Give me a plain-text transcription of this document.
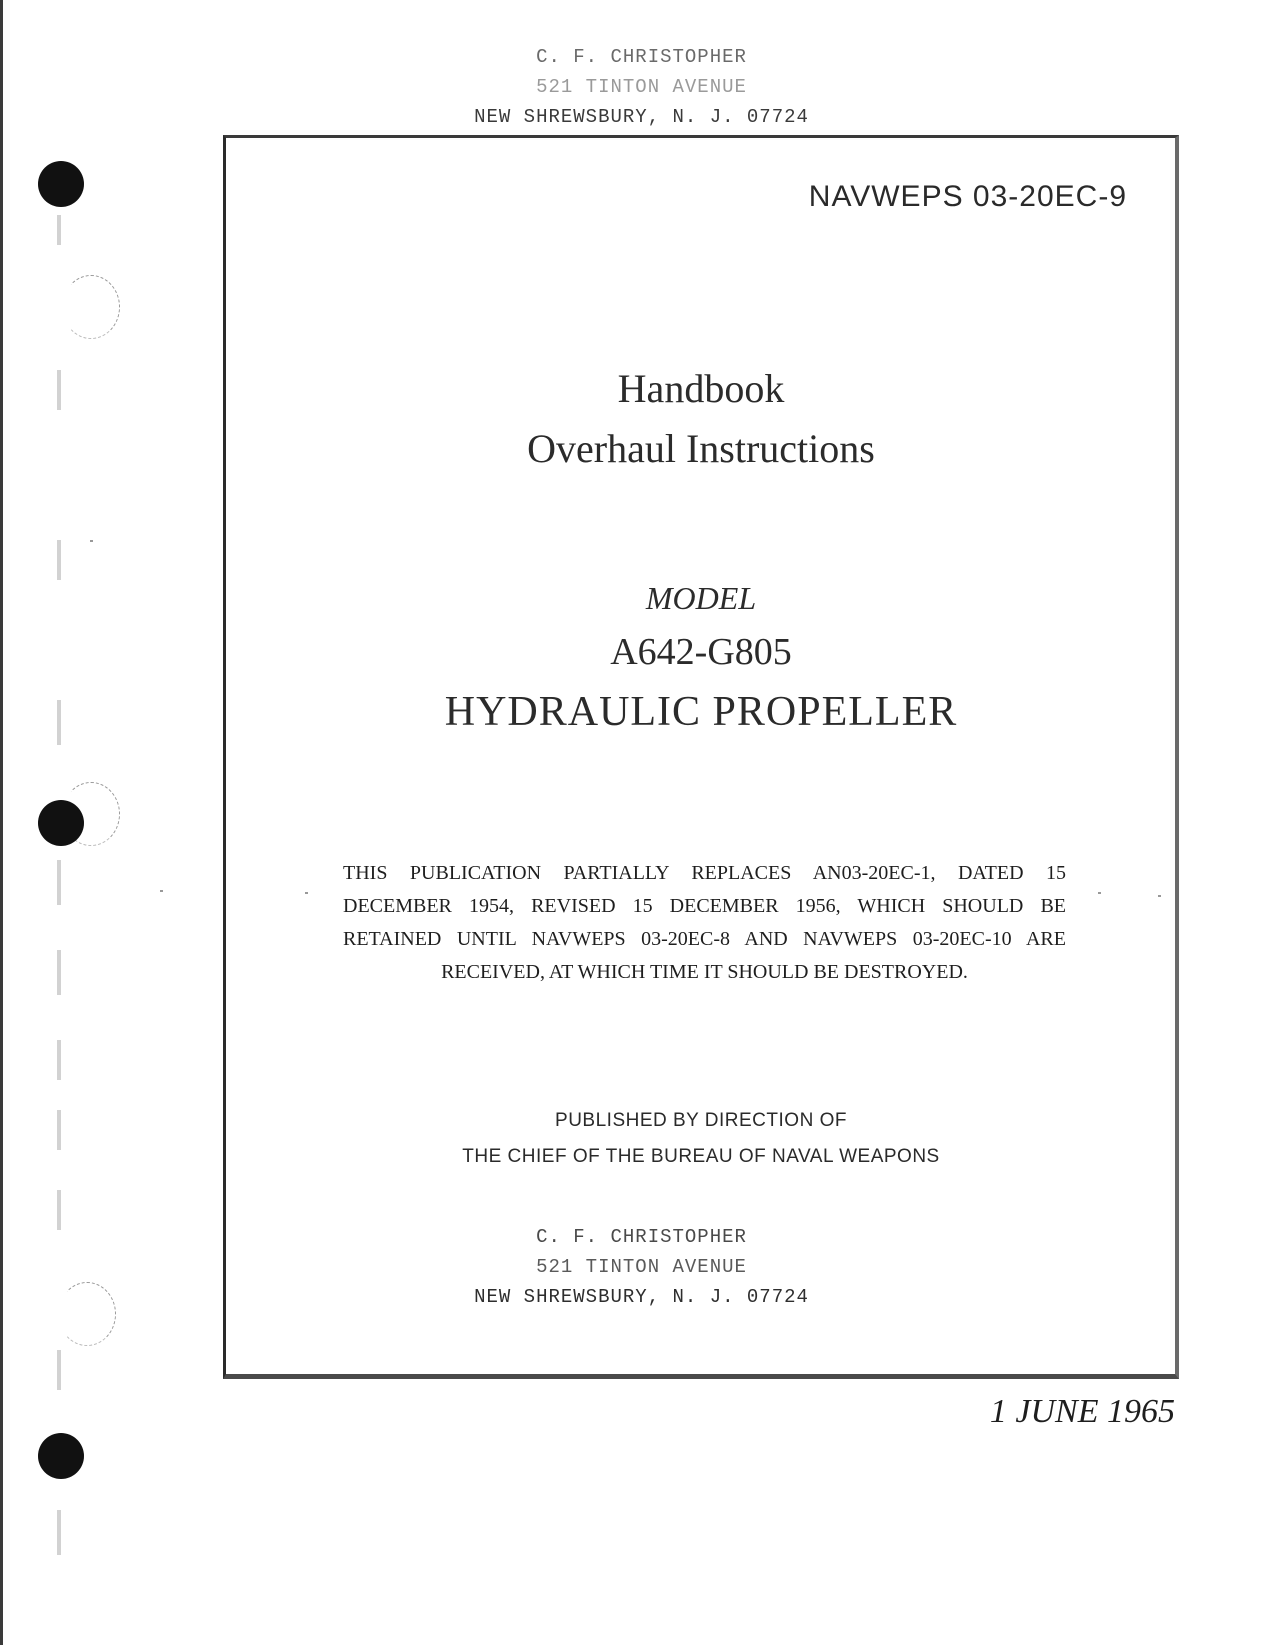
C. F. CHRISTOPHER
521 TINTON AVENUE
NEW SHREWSBURY, N. J. 07724
NAVWEPS 03-20EC-9
Handbook
Overhaul Instructions
MODEL
A642-G805
HYDRAULIC PROPELLER
THIS PUBLICATION PARTIALLY REPLACES AN03-20EC-1, DATED 15
DECEMBER 1954, REVISED 15 DECEMBER 1956, WHICH SHOULD BE
RETAINED UNTIL NAVWEPS 03-20EC-8 AND NAVWEPS 03-20EC-10 ARE
RECEIVED, AT WHICH TIME IT SHOULD BE DESTROYED.
PUBLISHED BY DIRECTION OF
THE CHIEF OF THE BUREAU OF NAVAL WEAPONS
C. F. CHRISTOPHER
521 TINTON AVENUE
NEW SHREWSBURY, N. J. 07724
1 JUNE 1965
